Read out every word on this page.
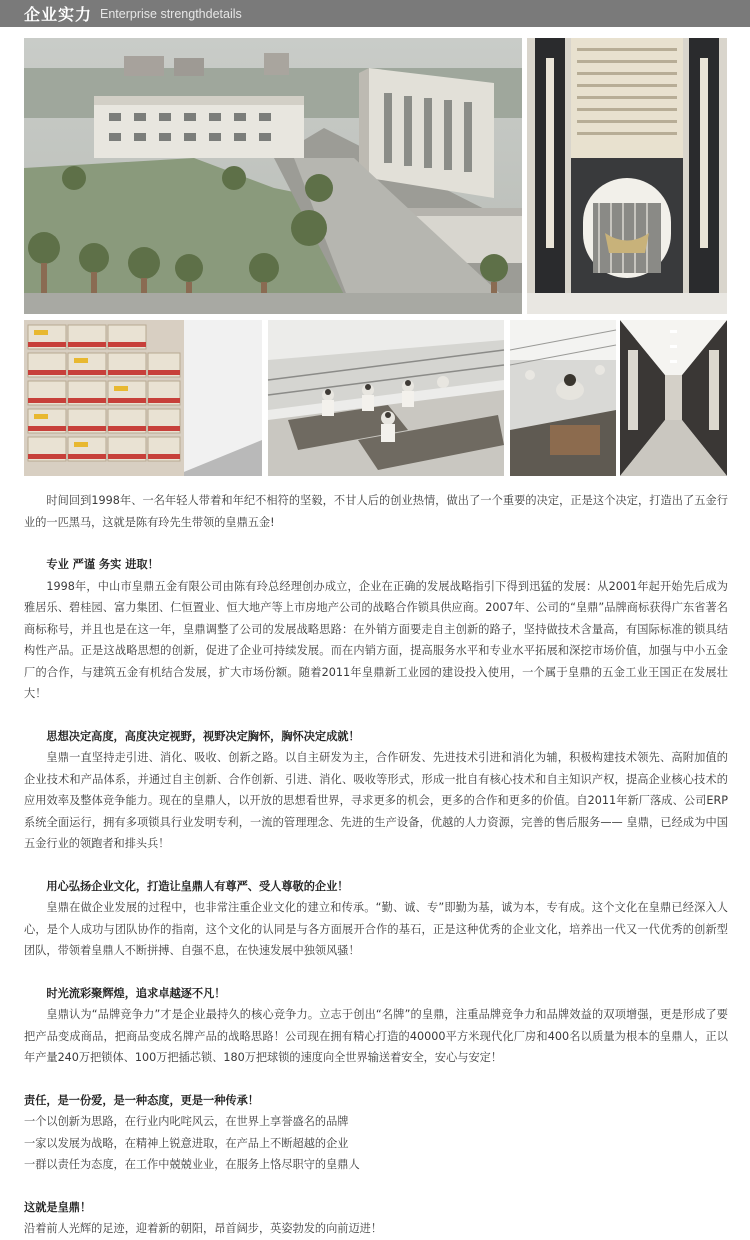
企业实力 Enterprise strengthdetails

时间回到1998年、一名年轻人带着和年纪不相符的坚毅，不甘人后的创业热情，做出了一个重要的决定，正是这个决定，打造出了五金行业的一匹黑马，这就是陈有玲先生带领的皇鼎五金!

专业 严谨 务实 进取！

1998年，中山市皇鼎五金有限公司由陈有玲总经理创办成立，企业在正确的发展战略指引下得到迅猛的发展：从2001年起开始先后成为雅居乐、碧桂园、富力集团、仁恒置业、恒大地产等上市房地产公司的战略合作锁具供应商。2007年、公司的“皇鼎”品牌商标获得广东省著名商标称号，并且也是在这一年，皇鼎调整了公司的发展战略思路：在外销方面要走自主创新的路子，坚持做技术含量高，有国际标准的锁具结构性产品。正是这战略思想的创新，促进了企业可持续发展。而在内销方面，提高服务水平和专业水平拓展和深挖市场价值，加强与中小五金厂的合作，与建筑五金有机结合发展，扩大市场份额。随着2011年皇鼎新工业园的建设投入使用，一个属于皇鼎的五金工业王国正在发展壮大！

思想决定高度，高度决定视野，视野决定胸怀，胸怀决定成就！

皇鼎一直坚持走引进、消化、吸收、创新之路。以自主研发为主，合作研发、先进技术引进和消化为辅，积极构建技术领先、高附加值的企业技术和产品体系，并通过自主创新、合作创新、引进、消化、吸收等形式，形成一批自有核心技术和自主知识产权，提高企业核心技术的应用效率及整体竞争能力。现在的皇鼎人，以开放的思想看世界，寻求更多的机会，更多的合作和更多的价值。自2011年新厂落成、公司ERP系统全面运行，拥有多项锁具行业发明专利，一流的管理理念、先进的生产设备，优越的人力资源，完善的售后服务—— 皇鼎，已经成为中国五金行业的领跑者和排头兵！

用心弘扬企业文化，打造让皇鼎人有尊严、受人尊敬的企业！

皇鼎在做企业发展的过程中，也非常注重企业文化的建立和传承。“勤、诚、专”即勤为基，诚为本，专有成。这个文化在皇鼎已经深入人心，是个人成功与团队协作的指南，这个文化的认同是与各方面展开合作的基石，正是这种优秀的企业文化，培养出一代又一代优秀的创新型团队，带领着皇鼎人不断拼搏、自强不息，在快速发展中独领风骚！

时光流彩聚辉煌，追求卓越逐不凡！

皇鼎认为“品牌竞争力”才是企业最持久的核心竞争力。立志于创出“名牌”的皇鼎，注重品牌竞争力和品牌效益的双项增强，更是形成了要把产品变成商品，把商品变成名牌产品的战略思路！公司现在拥有精心打造的40000平方米现代化厂房和400名以质量为根本的皇鼎人，正以年产量240万把锁体、100万把插芯锁、180万把球锁的速度向全世界输送着安全，安心与安定！

责任，是一份爱，是一种态度，更是一种传承！

一个以创新为思路，在行业内叱咤风云，在世界上享誉盛名的品牌

一家以发展为战略，在精神上锐意进取，在产品上不断超越的企业

一群以责任为态度，在工作中兢兢业业，在服务上恪尽职守的皇鼎人

这就是皇鼎！

沿着前人光辉的足迹，迎着新的朝阳，昂首阔步，英姿勃发的向前迈进！
